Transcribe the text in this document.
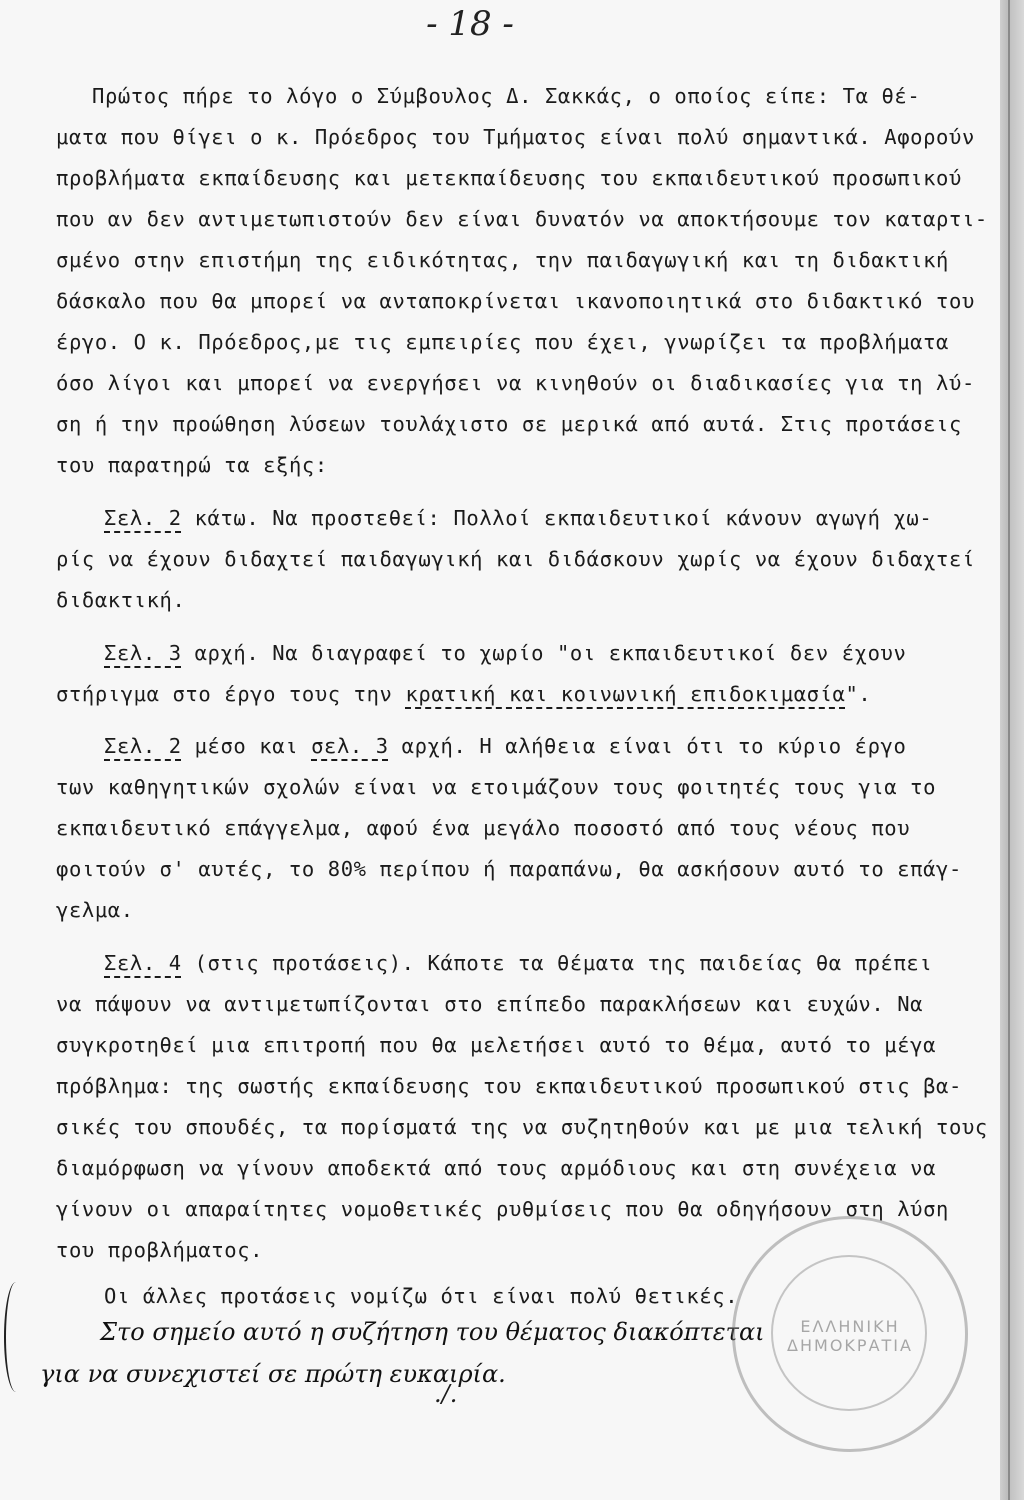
- 18 -
Πρώτος πήρε το λόγο ο Σύμβουλος Δ. Σακκάς, ο οποίος είπε: Τα θέ-
ματα που θίγει ο κ. Πρόεδρος του Τμήματος είναι πολύ σημαντικά. Αφορούν
προβλήματα εκπαίδευσης και μετεκπαίδευσης του εκπαιδευτικού προσωπικού
που αν δεν αντιμετωπιστούν δεν είναι δυνατόν να αποκτήσουμε τον καταρτι-
σμένο στην επιστήμη της ειδικότητας, την παιδαγωγική και τη διδακτική
δάσκαλο που θα μπορεί να ανταποκρίνεται ικανοποιητικά στο διδακτικό του
έργο. Ο κ. Πρόεδρος,με τις εμπειρίες που έχει, γνωρίζει τα προβλήματα
όσο λίγοι και μπορεί να ενεργήσει να κινηθούν οι διαδικασίες για τη λύ-
ση ή την προώθηση λύσεων τουλάχιστο σε μερικά από αυτά. Στις προτάσεις
του παρατηρώ τα εξής:
Σελ. 2 κάτω. Να προστεθεί: Πολλοί εκπαιδευτικοί κάνουν αγωγή χω-
ρίς να έχουν διδαχτεί παιδαγωγική και διδάσκουν χωρίς να έχουν διδαχτεί
διδακτική.
Σελ. 3 αρχή. Να διαγραφεί το χωρίο "οι εκπαιδευτικοί δεν έχουν
στήριγμα στο έργο τους την κρατική και κοινωνική επιδοκιμασία".
Σελ. 2 μέσο και σελ. 3 αρχή. Η αλήθεια είναι ότι το κύριο έργο
των καθηγητικών σχολών είναι να ετοιμάζουν τους φοιτητές τους για το
εκπαιδευτικό επάγγελμα, αφού ένα μεγάλο ποσοστό από τους νέους που
φοιτούν σ' αυτές, το 80% περίπου ή παραπάνω, θα ασκήσουν αυτό το επάγ-
γελμα.
Σελ. 4 (στις προτάσεις). Κάποτε τα θέματα της παιδείας θα πρέπει
να πάψουν να αντιμετωπίζονται στο επίπεδο παρακλήσεων και ευχών. Να
συγκροτηθεί μια επιτροπή που θα μελετήσει αυτό το θέμα, αυτό το μέγα
πρόβλημα: της σωστής εκπαίδευσης του εκπαιδευτικού προσωπικού στις βα-
σικές του σπουδές, τα πορίσματά της να συζητηθούν και με μια τελική τους
διαμόρφωση να γίνουν αποδεκτά από τους αρμόδιους και στη συνέχεια να
γίνουν οι απαραίτητες νομοθετικές ρυθμίσεις που θα οδηγήσουν στη λύση
του προβλήματος.
Οι άλλες προτάσεις νομίζω ότι είναι πολύ θετικές.
Στο σημείο αυτό η συζήτηση του θέματος διακόπτεται
για να συνεχιστεί σε πρώτη ευκαιρία.
./.
ΕΛΛΗΝΙΚΗ ΔΗΜΟΚΡΑΤΙΑ
